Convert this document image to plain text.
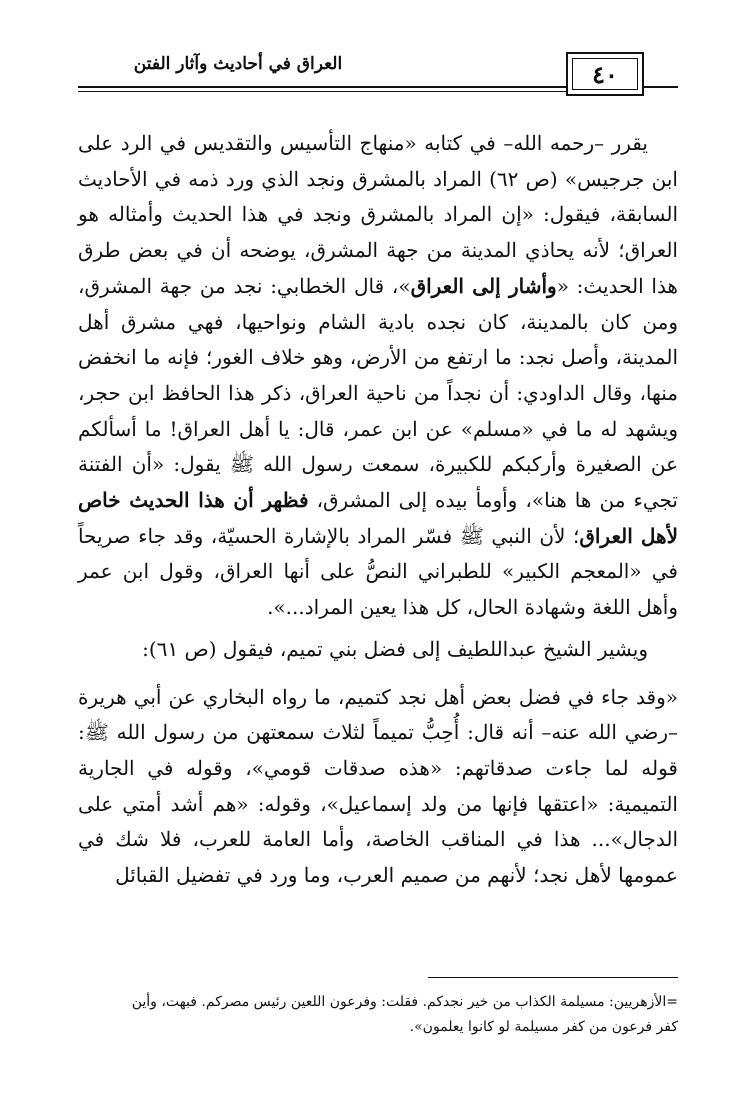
٤٠
العراق في أحاديث وآثار الفتن

يقرر –رحمه الله– في كتابه «منهاج التأسيس والتقديس في الرد على ابن جرجيس» (ص ٦٢) المراد بالمشرق ونجد الذي ورد ذمه في الأحاديث السابقة، فيقول: «إن المراد بالمشرق ونجد في هذا الحديث وأمثاله هو العراق؛ لأنه يحاذي المدينة من جهة المشرق، يوضحه أن في بعض طرق هذا الحديث: «وأشار إلى العراق»، قال الخطابي: نجد من جهة المشرق، ومن كان بالمدينة، كان نجده بادية الشام ونواحيها، فهي مشرق أهل المدينة، وأصل نجد: ما ارتفع من الأرض، وهو خلاف الغور؛ فإنه ما انخفض منها، وقال الداودي: أن نجداً من ناحية العراق، ذكر هذا الحافظ ابن حجر، ويشهد له ما في «مسلم» عن ابن عمر، قال: يا أهل العراق! ما أسألكم عن الصغيرة وأركبكم للكبيرة، سمعت رسول الله ﷺ يقول: «أن الفتنة تجيء من ها هنا»، وأومأ بيده إلى المشرق، فظهر أن هذا الحديث خاص لأهل العراق؛ لأن النبي ﷺ فسّر المراد بالإشارة الحسيّة، وقد جاء صريحاً في «المعجم الكبير» للطبراني النصُّ على أنها العراق، وقول ابن عمر وأهل اللغة وشهادة الحال، كل هذا يعين المراد...».

ويشير الشيخ عبداللطيف إلى فضل بني تميم، فيقول (ص ٦١):

«وقد جاء في فضل بعض أهل نجد كتميم، ما رواه البخاري عن أبي هريرة –رضي الله عنه– أنه قال: أُحِبُّ تميماً لثلاث سمعتهن من رسول الله ﷺ: قوله لما جاءت صدقاتهم: «هذه صدقات قومي»، وقوله في الجارية التميمية: «اعتقها فإنها من ولد إسماعيل»، وقوله: «هم أشد أمتي على الدجال»... هذا في المناقب الخاصة، وأما العامة للعرب، فلا شك في عمومها لأهل نجد؛ لأنهم من صميم العرب، وما ورد في تفضيل القبائل

=الأزهريين: مسيلمة الكذاب من خير نجدكم. فقلت: وفرعون اللعين رئيس مصركم. فبهت، وأين

كفر فرعون من كفر مسيلمة لو كانوا يعلمون».
